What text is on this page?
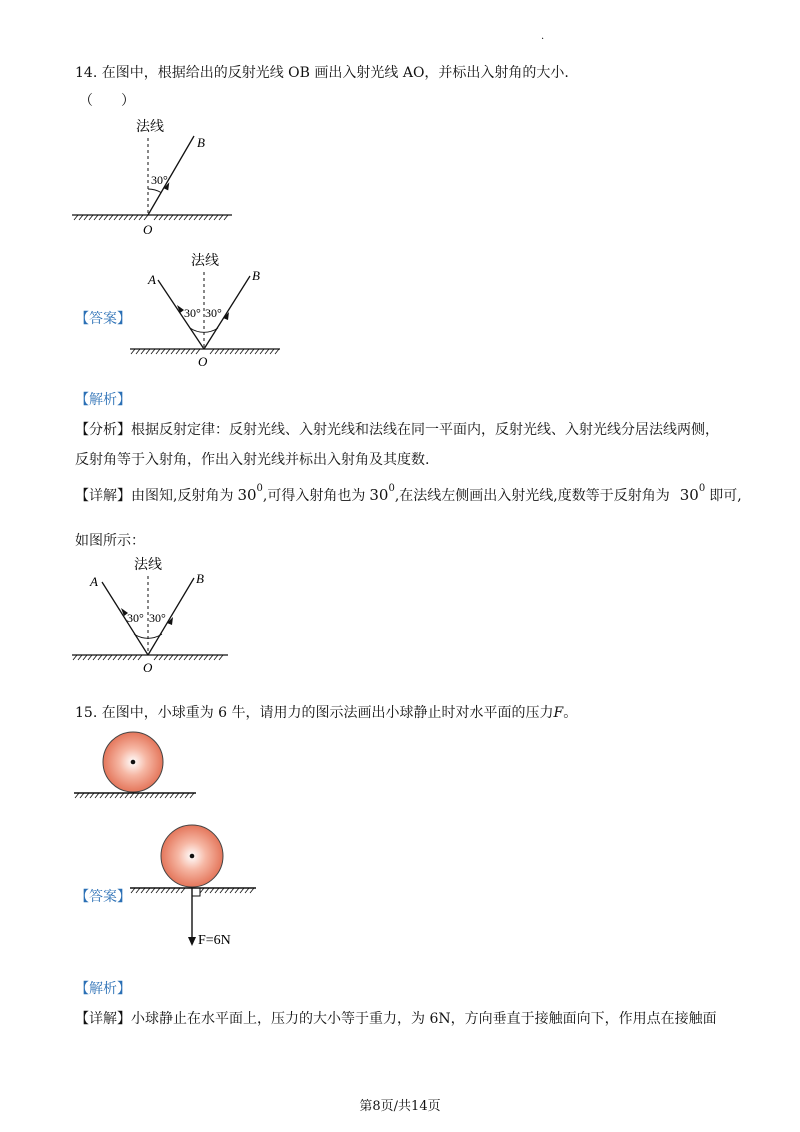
.
14. 在图中，根据给出的反射光线 OB 画出入射光线 AO，并标出入射角的大小.
（　　）
法线
B
O
30°
【答案】
法线
A	B
O
30° 30°
【解析】
【分析】根据反射定律：反射光线、入射光线和法线在同一平面内，反射光线、入射光线分居法线两侧，
反射角等于入射角，作出入射光线并标出入射角及其度数.
【详解】由图知,反射角为 $30^0$,可得入射角也为 $30^0$,在法线左侧画出入射光线,度数等于反射角为 $30^0$ 即可,
如图所示：
法线
A	B
O
30° 30°
15. 在图中，小球重为 6 牛，请用力的图示法画出小球静止时对水平面的压力F。
【答案】
F=6N
【解析】
【详解】小球静止在水平面上，压力的大小等于重力，为 6N，方向垂直于接触面向下，作用点在接触面
第8页/共14页
